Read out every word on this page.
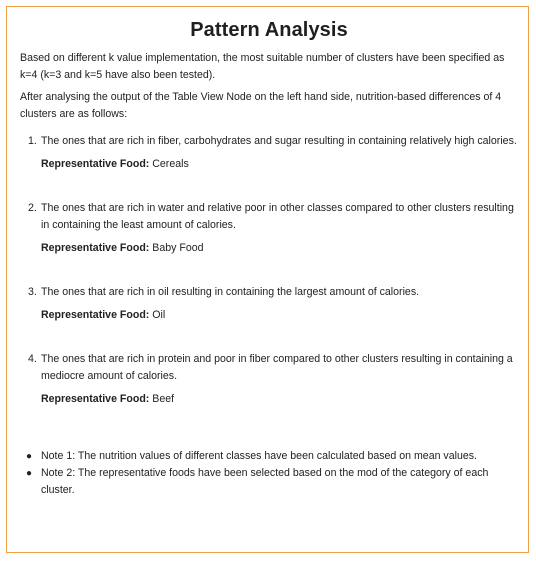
Pattern Analysis

Based on different k value implementation, the most suitable number of clusters have been specified as k=4 (k=3 and k=5 have also been tested).

After analysing the output of the Table View Node on the left hand side, nutrition-based differences of 4 clusters are as follows:

1. The ones that are rich in fiber, carbohydrates and sugar resulting in containing relatively high calories.
Representative Food: Cereals
2. The ones that are rich in water and relative poor in other classes compared to other clusters resulting in containing the least amount of calories.
Representative Food: Baby Food
3. The ones that are rich in oil resulting in containing the largest amount of calories.
Representative Food: Oil
4. The ones that are rich in protein and poor in fiber compared to other clusters resulting in containing a mediocre amount of calories.
Representative Food: Beef
● Note 1: The nutrition values of different classes have been calculated based on mean values.
● Note 2: The representative foods have been selected based on the mod of the category of each cluster.
